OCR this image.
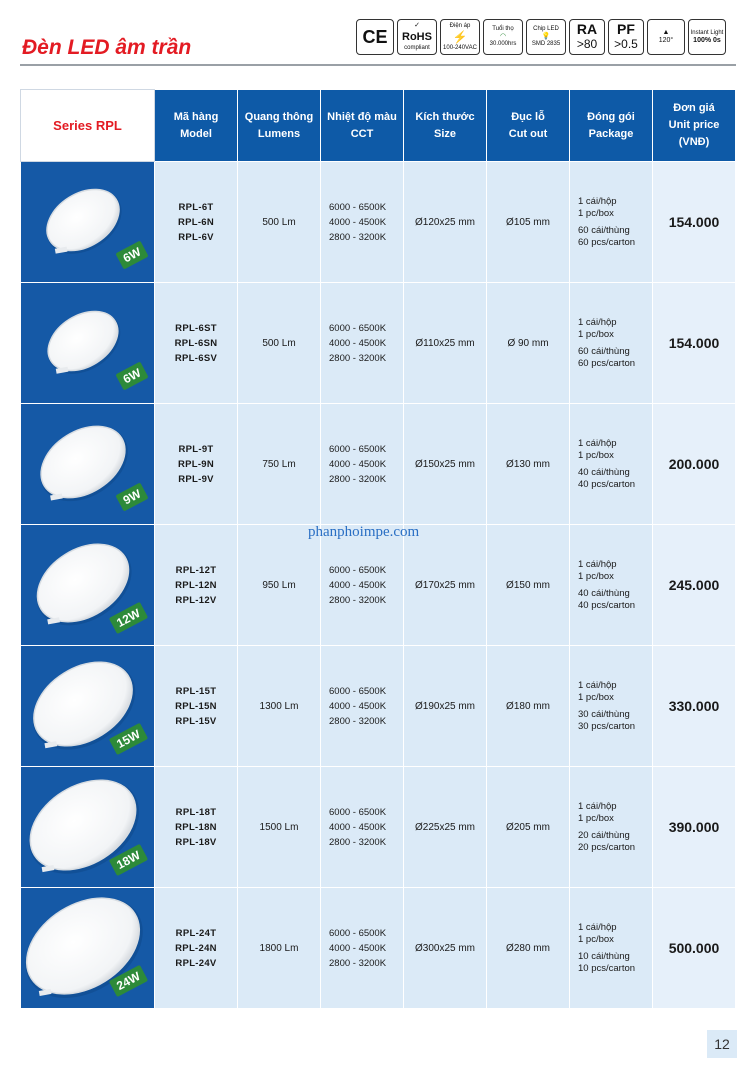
Đèn LED âm trần	CE
✓
RoHS
compliant
Điện áp
⚡
100-240VAC
Tuổi thọ
◠
30.000hrs
Chip LED
💡
SMD 2835
RA
>80
PF
>0.5
▲
120°
Instant Light
100% 0s
Series RPL	Mã hàng
Model	Quang thông
Lumens	Nhiệt độ màu
CCT	Kích thước
Size	Đục lỗ
Cut out	Đóng gói
Package	Đơn giá
Unit price
(VNĐ)

6W	RPL-6T
RPL-6N
RPL-6V	500 Lm	6000 - 6500K
4000 - 4500K
2800 - 3200K	Ø120x25 mm	Ø105 mm	1 cái/hộp
1 pc/box
60 cái/thùng
60 pcs/carton	154.000

6W	RPL-6ST
RPL-6SN
RPL-6SV	500 Lm	6000 - 6500K
4000 - 4500K
2800 - 3200K	Ø110x25 mm	Ø 90 mm	1 cái/hộp
1 pc/box
60 cái/thùng
60 pcs/carton	154.000

9W	RPL-9T
RPL-9N
RPL-9V	750 Lm	6000 - 6500K
4000 - 4500K
2800 - 3200K	Ø150x25 mm	Ø130 mm	1 cái/hộp
1 pc/box
40 cái/thùng
40 pcs/carton	200.000

12W	RPL-12T
RPL-12N
RPL-12V	950 Lm	6000 - 6500K
4000 - 4500K
2800 - 3200K	Ø170x25 mm	Ø150 mm	1 cái/hộp
1 pc/box
40 cái/thùng
40 pcs/carton	245.000

15W	RPL-15T
RPL-15N
RPL-15V	1300 Lm	6000 - 6500K
4000 - 4500K
2800 - 3200K	Ø190x25 mm	Ø180 mm	1 cái/hộp
1 pc/box
30 cái/thùng
30 pcs/carton	330.000

18W	RPL-18T
RPL-18N
RPL-18V	1500 Lm	6000 - 6500K
4000 - 4500K
2800 - 3200K	Ø225x25 mm	Ø205 mm	1 cái/hộp
1 pc/box
20 cái/thùng
20 pcs/carton	390.000

24W	RPL-24T
RPL-24N
RPL-24V	1800 Lm	6000 - 6500K
4000 - 4500K
2800 - 3200K	Ø300x25 mm	Ø280 mm	1 cái/hộp
1 pc/box
10 cái/thùng
10 pcs/carton	500.000
phanphoimpe.com
12
